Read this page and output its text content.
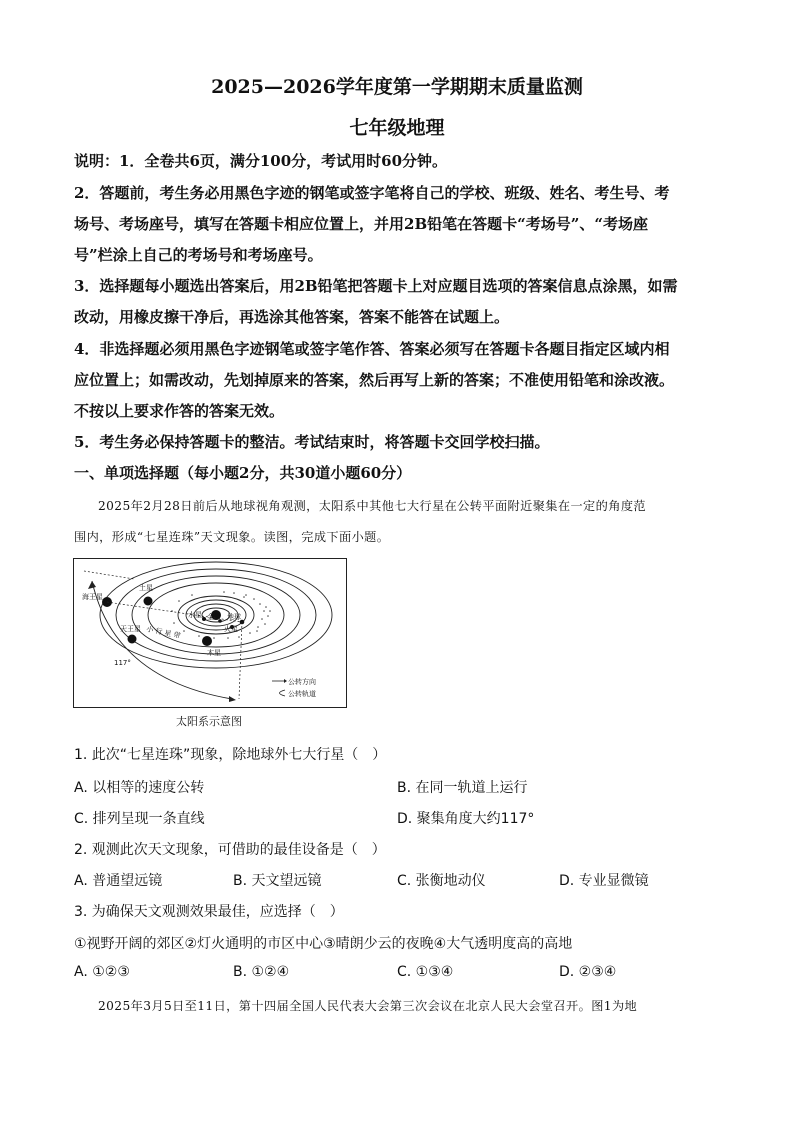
2025—2026学年度第一学期期末质量监测
七年级地理
说明：1．全卷共6页，满分100分，考试用时60分钟。
2．答题前，考生务必用黑色字迹的钢笔或签字笔将自己的学校、班级、姓名、考生号、考
场号、考场座号，填写在答题卡相应位置上，并用2B铅笔在答题卡“考场号”、“考场座
号”栏涂上自己的考场号和考场座号。
3．选择题每小题选出答案后，用2B铅笔把答题卡上对应题目选项的答案信息点涂黑，如需
改动，用橡皮擦干净后，再选涂其他答案，答案不能答在试题上。
4．非选择题必须用黑色字迹钢笔或签字笔作答、答案必须写在答题卡各题目指定区域内相
应位置上；如需改动，先划掉原来的答案，然后再写上新的答案；不准使用铅笔和涂改液。
不按以上要求作答的答案无效。
5．考生务必保持答题卡的整洁。考试结束时，将答题卡交回学校扫描。
一、单项选择题（每小题2分，共30道小题60分）
2025年2月28日前后从地球视角观测，太阳系中其他七大行星在公转平面附近聚集在一定的角度范
围内，形成“七星连珠”天文现象。读图，完成下面小题。
海王星
土星
天王星
木星
水星 金星 地球
火星
小 行 星 带
117°
公转方向
公转轨道
太阳系示意图
1. 此次“七星连珠”现象，除地球外七大行星（　）
A. 以相等的速度公转	B. 在同一轨道上运行
C. 排列呈现一条直线	D. 聚集角度大约117°
2. 观测此次天文现象，可借助的最佳设备是（　）
A. 普通望远镜	B. 天文望远镜	C. 张衡地动仪	D. 专业显微镜
3. 为确保天文观测效果最佳，应选择（　）
①视野开阔的郊区②灯火通明的市区中心③晴朗少云的夜晚④大气透明度高的高地
A. ①②③	B. ①②④	C. ①③④	D. ②③④
2025年3月5日至11日，第十四届全国人民代表大会第三次会议在北京人民大会堂召开。图1为地
